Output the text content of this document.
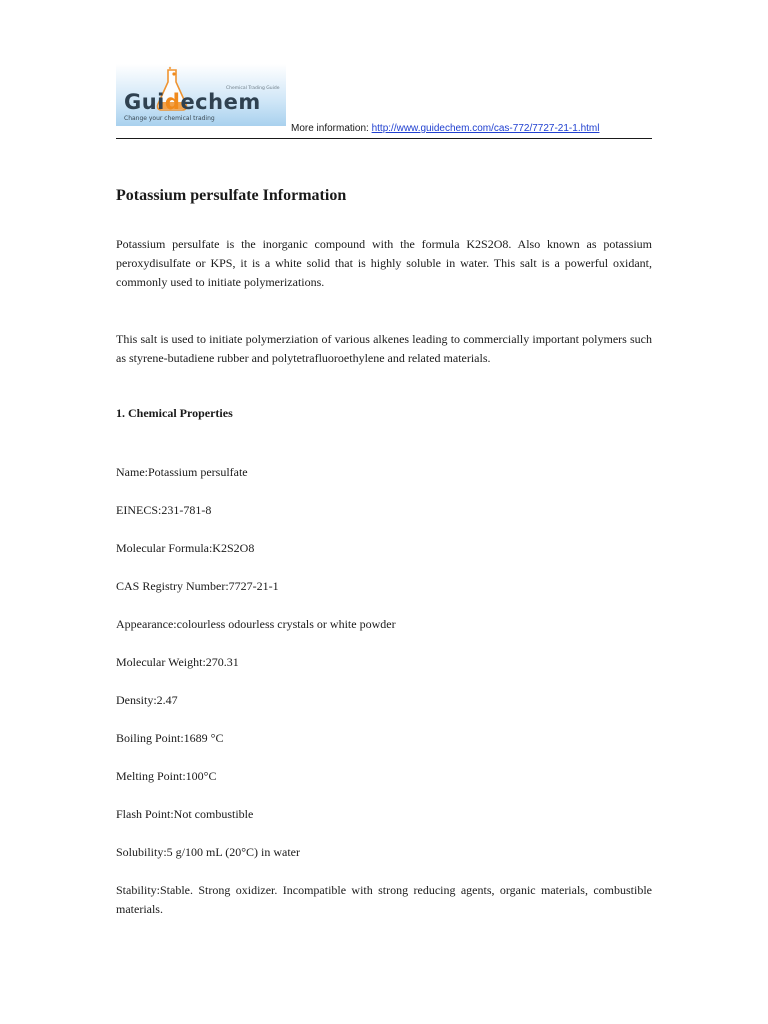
Chemical Trading Guide
Guidechem
Change your chemical trading
More information: http://www.guidechem.com/cas-772/7727-21-1.html
Potassium persulfate Information

Potassium persulfate is the inorganic compound with the formula K2S2O8. Also known as potassium peroxydisulfate or KPS, it is a white solid that is highly soluble in water. This salt is a powerful oxidant, commonly used to initiate polymerizations.

This salt is used to initiate polymerziation of various alkenes leading to commercially important polymers such as styrene-butadiene rubber and polytetrafluoroethylene and related materials.

1. Chemical Properties

Name:Potassium persulfate

EINECS:231-781-8

Molecular Formula:K2S2O8

CAS Registry Number:7727-21-1

Appearance:colourless odourless crystals or white powder

Molecular Weight:270.31

Density:2.47

Boiling Point:1689 °C

Melting Point:100°C

Flash Point:Not combustible

Solubility:5 g/100 mL (20°C) in water

Stability:Stable. Strong oxidizer. Incompatible with strong reducing agents, organic materials, combustible materials.
